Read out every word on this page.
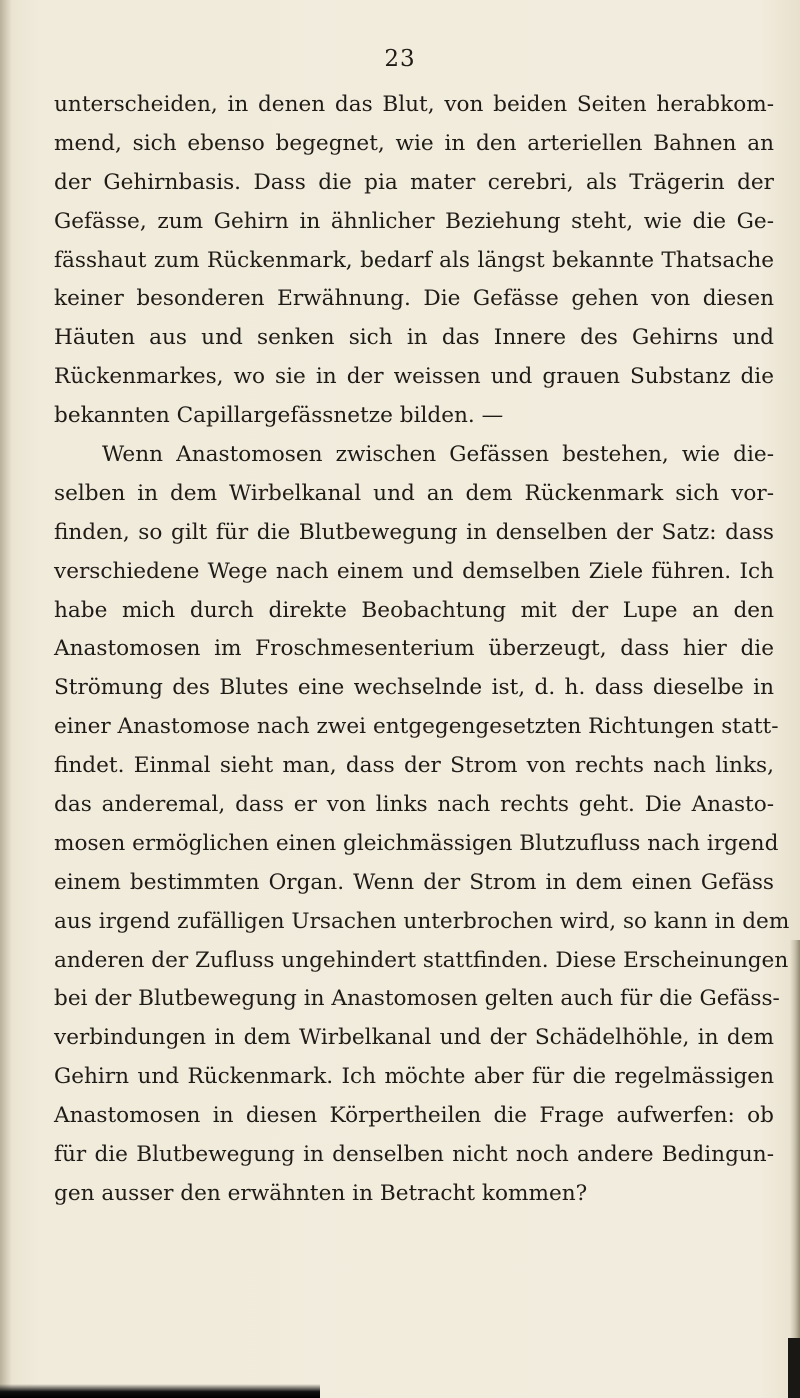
23
unterscheiden, in denen das Blut, von beiden Seiten herabkom-
mend, sich ebenso begegnet, wie in den arteriellen Bahnen an
der Gehirnbasis. Dass die pia mater cerebri, als Trägerin der
Gefässe, zum Gehirn in ähnlicher Beziehung steht, wie die Ge-
fässhaut zum Rückenmark, bedarf als längst bekannte Thatsache
keiner besonderen Erwähnung. Die Gefässe gehen von diesen
Häuten aus und senken sich in das Innere des Gehirns und
Rückenmarkes, wo sie in der weissen und grauen Substanz die
bekannten Capillargefässnetze bilden. —
Wenn Anastomosen zwischen Gefässen bestehen, wie die-
selben in dem Wirbelkanal und an dem Rückenmark sich vor-
finden, so gilt für die Blutbewegung in denselben der Satz: dass
verschiedene Wege nach einem und demselben Ziele führen. Ich
habe mich durch direkte Beobachtung mit der Lupe an den
Anastomosen im Froschmesenterium überzeugt, dass hier die
Strömung des Blutes eine wechselnde ist, d. h. dass dieselbe in
einer Anastomose nach zwei entgegengesetzten Richtungen statt-
findet. Einmal sieht man, dass der Strom von rechts nach links,
das anderemal, dass er von links nach rechts geht. Die Anasto-
mosen ermöglichen einen gleichmässigen Blutzufluss nach irgend
einem bestimmten Organ. Wenn der Strom in dem einen Gefäss
aus irgend zufälligen Ursachen unterbrochen wird, so kann in dem
anderen der Zufluss ungehindert stattfinden. Diese Erscheinungen
bei der Blutbewegung in Anastomosen gelten auch für die Gefäss-
verbindungen in dem Wirbelkanal und der Schädelhöhle, in dem
Gehirn und Rückenmark. Ich möchte aber für die regelmässigen
Anastomosen in diesen Körpertheilen die Frage aufwerfen: ob
für die Blutbewegung in denselben nicht noch andere Bedingun-
gen ausser den erwähnten in Betracht kommen?
